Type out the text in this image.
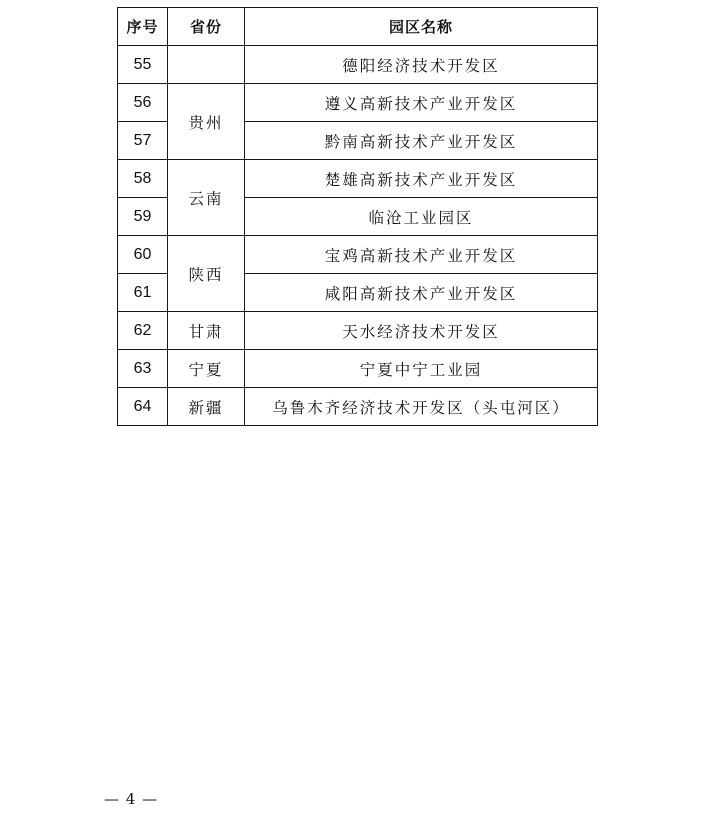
序号	省份	园区名称
55		德阳经济技术开发区
56	贵州	遵义高新技术产业开发区
57		黔南高新技术产业开发区
58	云南	楚雄高新技术产业开发区
59		临沧工业园区
60	陕西	宝鸡高新技术产业开发区
61		咸阳高新技术产业开发区
62	甘肃	天水经济技术开发区
63	宁夏	宁夏中宁工业园
64	新疆	乌鲁木齐经济技术开发区（头屯河区）
— 4 —
